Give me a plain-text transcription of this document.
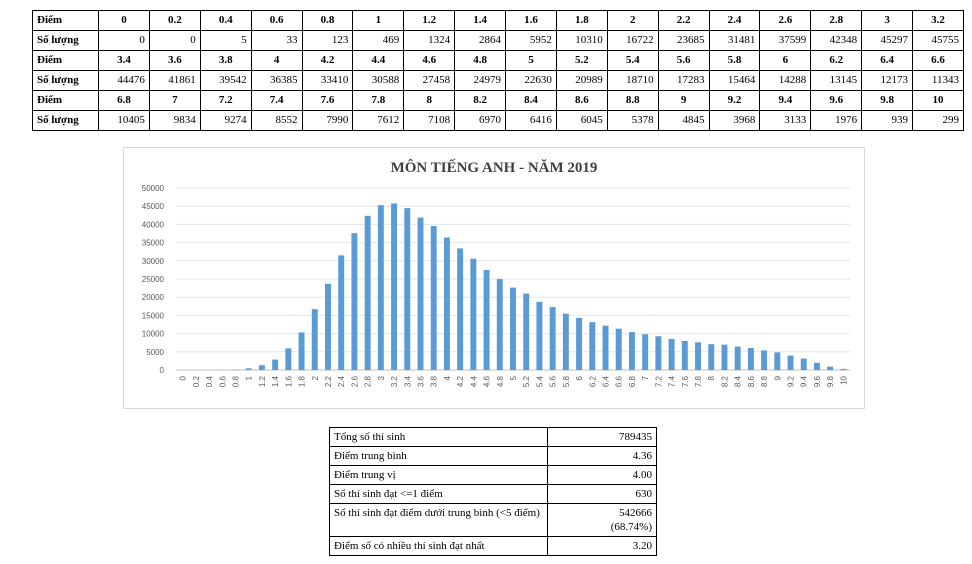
Điểm	0	0.2	0.4	0.6	0.8	1	1.2	1.4	1.6	1.8	2	2.2	2.4	2.6	2.8	3	3.2
Số lượng	0	0	5	33	123	469	1324	2864	5952	10310	16722	23685	31481	37599	42348	45297	45755
Điểm	3.4	3.6	3.8	4	4.2	4.4	4.6	4.8	5	5.2	5.4	5.6	5.8	6	6.2	6.4	6.6
Số lượng	44476	41861	39542	36385	33410	30588	27458	24979	22630	20989	18710	17283	15464	14288	13145	12173	11343
Điểm	6.8	7	7.2	7.4	7.6	7.8	8	8.2	8.4	8.6	8.8	9	9.2	9.4	9.6	9.8	10
Số lượng	10405	9834	9274	8552	7990	7612	7108	6970	6416	6045	5378	4845	3968	3133	1976	939	299
MÔN TIẾNG ANH - NĂM 2019
0
5000
10000
15000
20000
25000
30000
35000
40000
45000
50000
0 0.2 0.4 0.6 0.8 1 1.2 1.4 1.6 1.8 2 2.2 2.4 2.6 2.8 3 3.2 3.4 3.6 3.8 4 4.2 4.4 4.6 4.8 5 5.2 5.4 5.6 5.8 6 6.2 6.4 6.6 6.8 7 7.2 7.4 7.6 7.8 8 8.2 8.4 8.6 8.8 9 9.2 9.4 9.6 9.8 10
Tổng số thí sinh	789435
Điểm trung bình	4.36
Điểm trung vị	4.00
Số thí sinh đạt <=1 điểm	630
Số thí sinh đạt điểm dưới trung bình (<5 điểm)	542666
(68.74%)
Điểm số có nhiều thí sinh đạt nhất	3.20
